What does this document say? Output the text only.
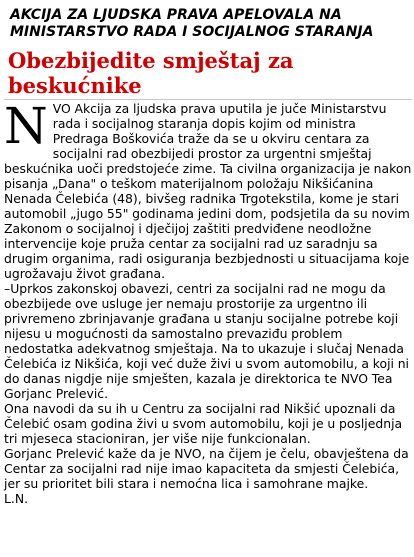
AKCIJA ZA LJUDSKA PRAVA APELOVALA NA MINISTARSTVO RADA I SOCIJALNOG STARANJA

Obezbijedite smještaj za beskućnike

NVO Akcija za ljudska prava uputila je juče Ministarstvu rada i socijalnog staranja dopis kojim od ministra Predraga Boškovića traže da se u okviru centara za socijalni rad obezbijedi prostor za urgentni smještaj beskućnika uoči predstojeće zime. Ta civilna organizacija je nakon pisanja „Dana" o teškom materijalnom položaju Nikšićanina Nenada Čelebića (48), bivšeg radnika Trgotekstila, kome je stari automobil „jugo 55" godinama jedini dom, podsjetila da su novim Zakonom o socijalnoj i dječijoj zaštiti predviđene neodložne intervencije koje pruža centar za socijalni rad uz saradnju sa drugim organima, radi osiguranja bezbjednosti u situacijama koje ugrožavaju život građana.

–Uprkos zakonskoj obavezi, centri za socijalni rad ne mogu da obezbijede ove usluge jer nemaju prostorije za urgentno ili privremeno zbrinjavanje građana u stanju socijalne potrebe koji nijesu u mogućnosti da samostalno prevaziđu problem nedostatka adekvatnog smještaja. Na to ukazuje i slučaj Nenada Čelebića iz Nikšića, koji već duže živi u svom automobilu, a koji ni do danas nigdje nije smješten, kazala je direktorica te NVO Tea Gorjanc Prelević.

Ona navodi da su ih u Centru za socijalni rad Nikšić upoznali da Čelebić osam godina živi u svom automobilu, koji je u posljednja tri mjeseca stacioniran, jer više nije funkcionalan.

Gorjanc Prelević kaže da je NVO, na čijem je čelu, obavještena da Centar za socijalni rad nije imao kapaciteta da smjesti Čelebića, jer su prioritet bili stara i nemoćna lica i samohrane majke.

L.N.
